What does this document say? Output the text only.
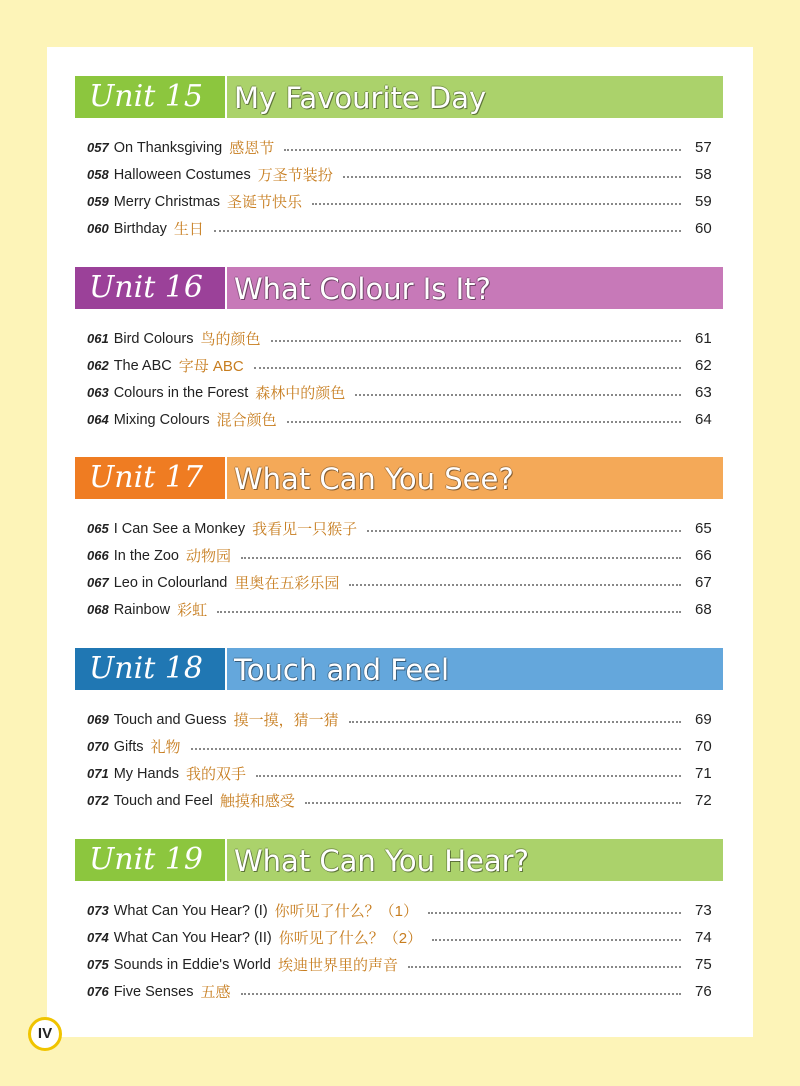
Unit 15	My Favourite Day
057 On Thanksgiving 感恩节	57
058 Halloween Costumes 万圣节装扮	58
059 Merry Christmas 圣诞节快乐	59
060 Birthday 生日	60
Unit 16	What Colour Is It?
061 Bird Colours 鸟的颜色	61
062 The ABC 字母 ABC	62
063 Colours in the Forest 森林中的颜色	63
064 Mixing Colours 混合颜色	64
Unit 17	What Can You See?
065 I Can See a Monkey 我看见一只猴子	65
066 In the Zoo 动物园	66
067 Leo in Colourland 里奥在五彩乐园	67
068 Rainbow 彩虹	68
Unit 18	Touch and Feel
069 Touch and Guess 摸一摸，猜一猜	69
070 Gifts 礼物	70
071 My Hands 我的双手	71
072 Touch and Feel 触摸和感受	72
Unit 19	What Can You Hear?
073 What Can You Hear? (I) 你听见了什么？（1）	73
074 What Can You Hear? (II) 你听见了什么？（2）	74
075 Sounds in Eddie's World 埃迪世界里的声音	75
076 Five Senses 五感	76
IV
